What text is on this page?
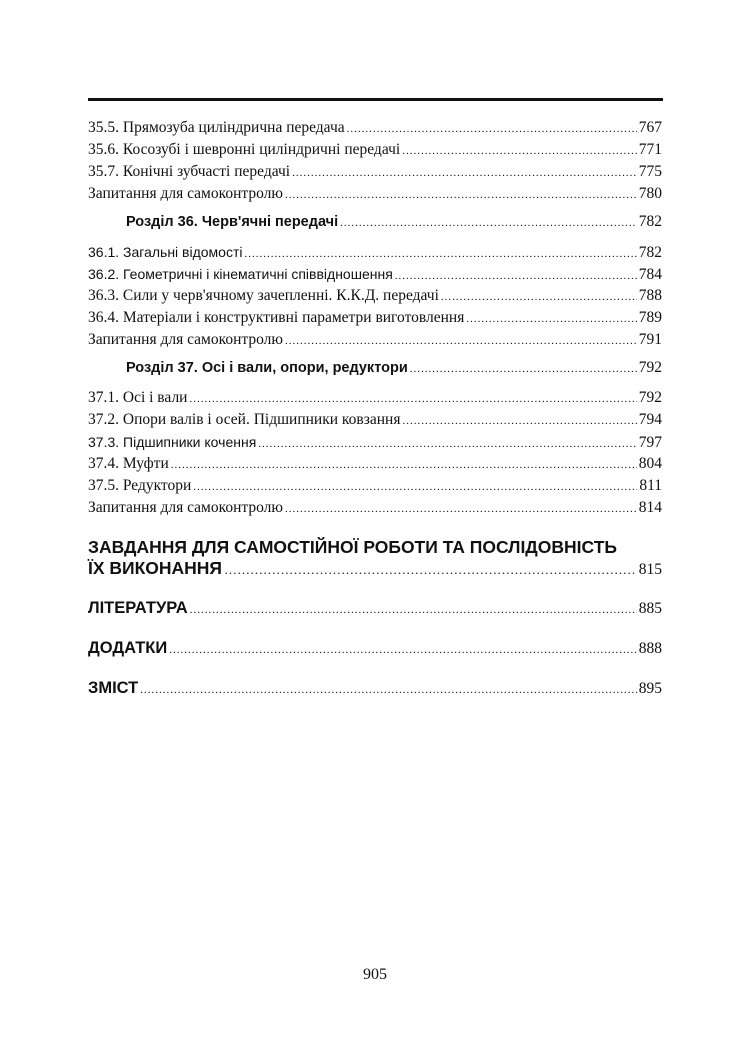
35.5. Прямозуба циліндрична передача .....	767
35.6. Косозубі і шевронні циліндричні передачі .....	771
35.7. Конічні зубчасті передачі .....	775
Запитання для самоконтролю .....	780
Розділ 36. Черв'ячні передачі .....	782
36.1. Загальні відомості .....	782
36.2. Геометричні і кінематичні співвідношення .....	784
36.3. Сили у черв'ячному зачепленні. К.К.Д. передачі .....	788
36.4. Матеріали і конструктивні параметри виготовлення .....	789
Запитання для самоконтролю .....	791
Розділ 37. Осі і вали, опори, редуктори .....	792
37.1. Осі і вали .....	792
37.2. Опори валів і осей. Підшипники ковзання .....	794
37.3. Підшипники кочення .....	797
37.4. Муфти .....	804
37.5. Редуктори .....	811
Запитання для самоконтролю .....	814
ЗАВДАННЯ ДЛЯ САМОСТІЙНОЇ РОБОТИ ТА ПОСЛІДОВНІСТЬ
ЇХ ВИКОНАННЯ ………………………………………………………………………………………………………………	815
ЛІТЕРАТУРА .....	885
ДОДАТКИ .....	888
ЗМІСТ .....	895
905
